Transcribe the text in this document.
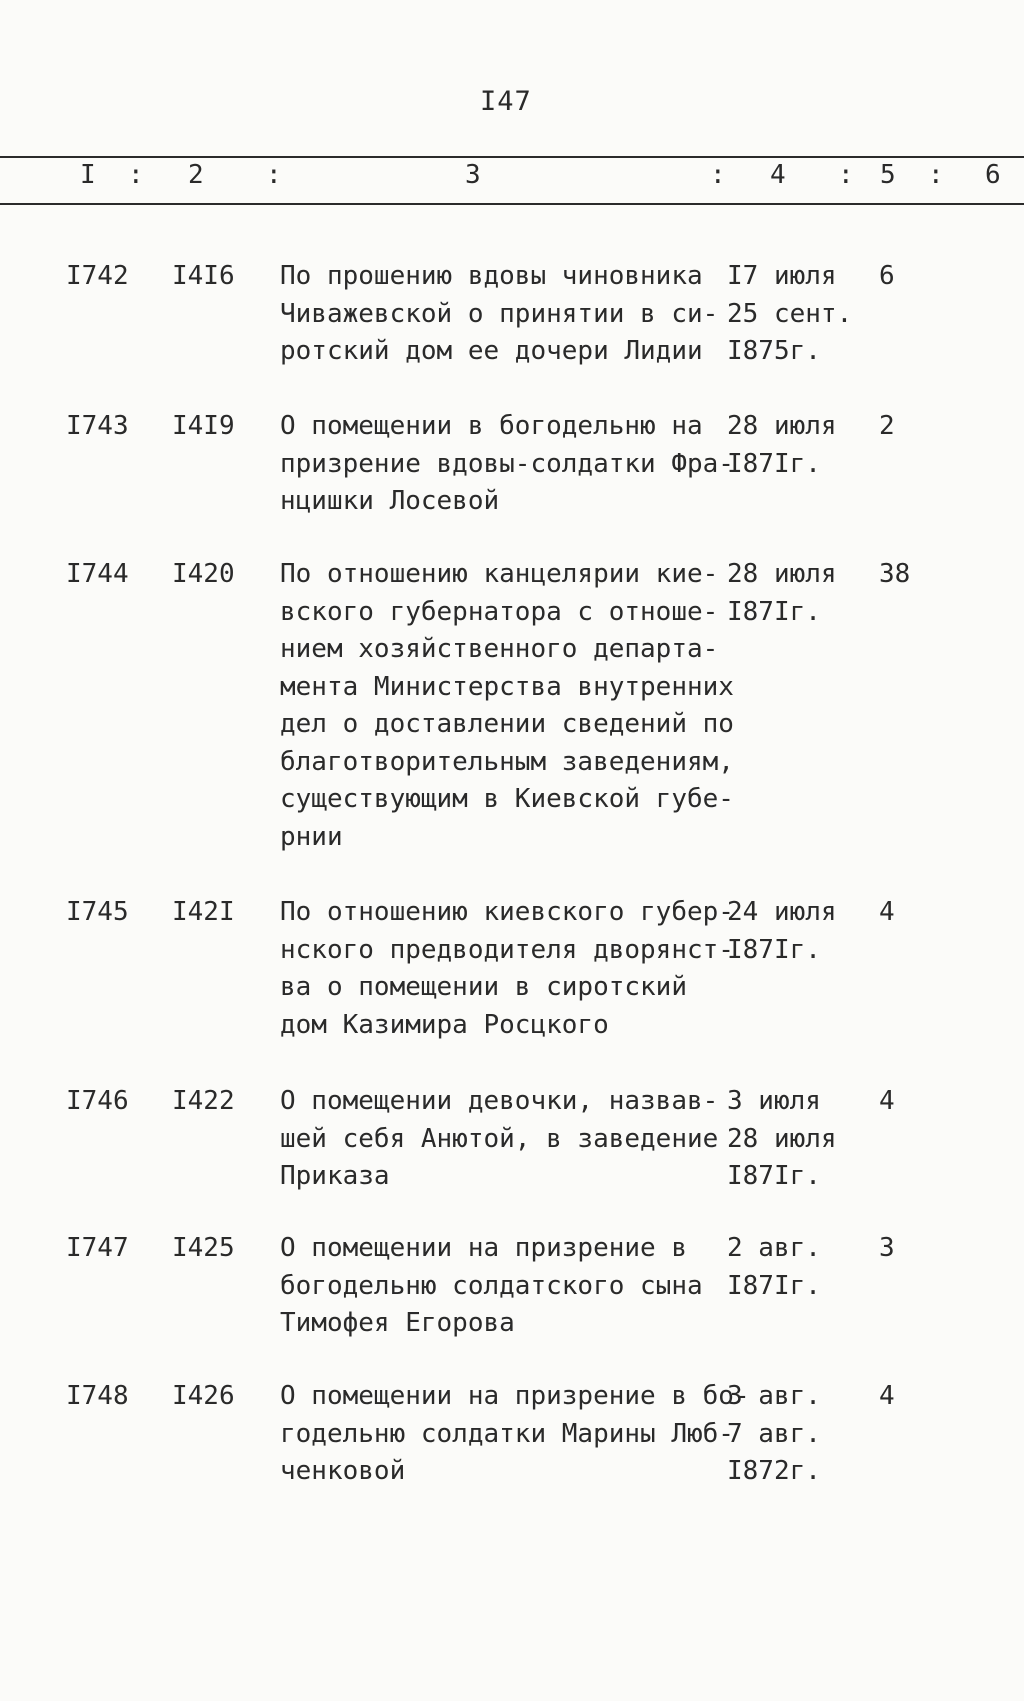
I47
I : 2 :	3	: 4 : 5 : 6
I742 I4I6 По прошению вдовы чиновника
Чиважевской о принятии в си-
ротский дом ее дочери Лидии
I7 июля
25 сент.
I875г.
6
I743 I4I9 О помещении в богодельню на
призрение вдовы-солдатки Фра-
нцишки Лосевой
28 июля
I87Iг.
2
I744 I420 По отношению канцелярии кие-
вского губернатора с отноше-
нием хозяйственного департа-
мента Министерства внутренних
дел о доставлении сведений по
благотворительным заведениям,
существующим в Киевской губе-
рнии
28 июля
I87Iг.
38
I745 I42I По отношению киевского губер-
нского предводителя дворянст-
ва о помещении в сиротский
дом Казимира Росцкого
24 июля
I87Iг.
4
I746 I422 О помещении девочки, назвав-
шей себя Анютой, в заведение
Приказа
3 июля
28 июля
I87Iг.
4
I747 I425 О помещении на призрение в
богодельню солдатского сына
Тимофея Егорова
2 авг.
I87Iг.
3
I748 I426 О помещении на призрение в бо-
годельню солдатки Марины Люб-
ченковой
3 авг.
7 авг.
I872г.
4
